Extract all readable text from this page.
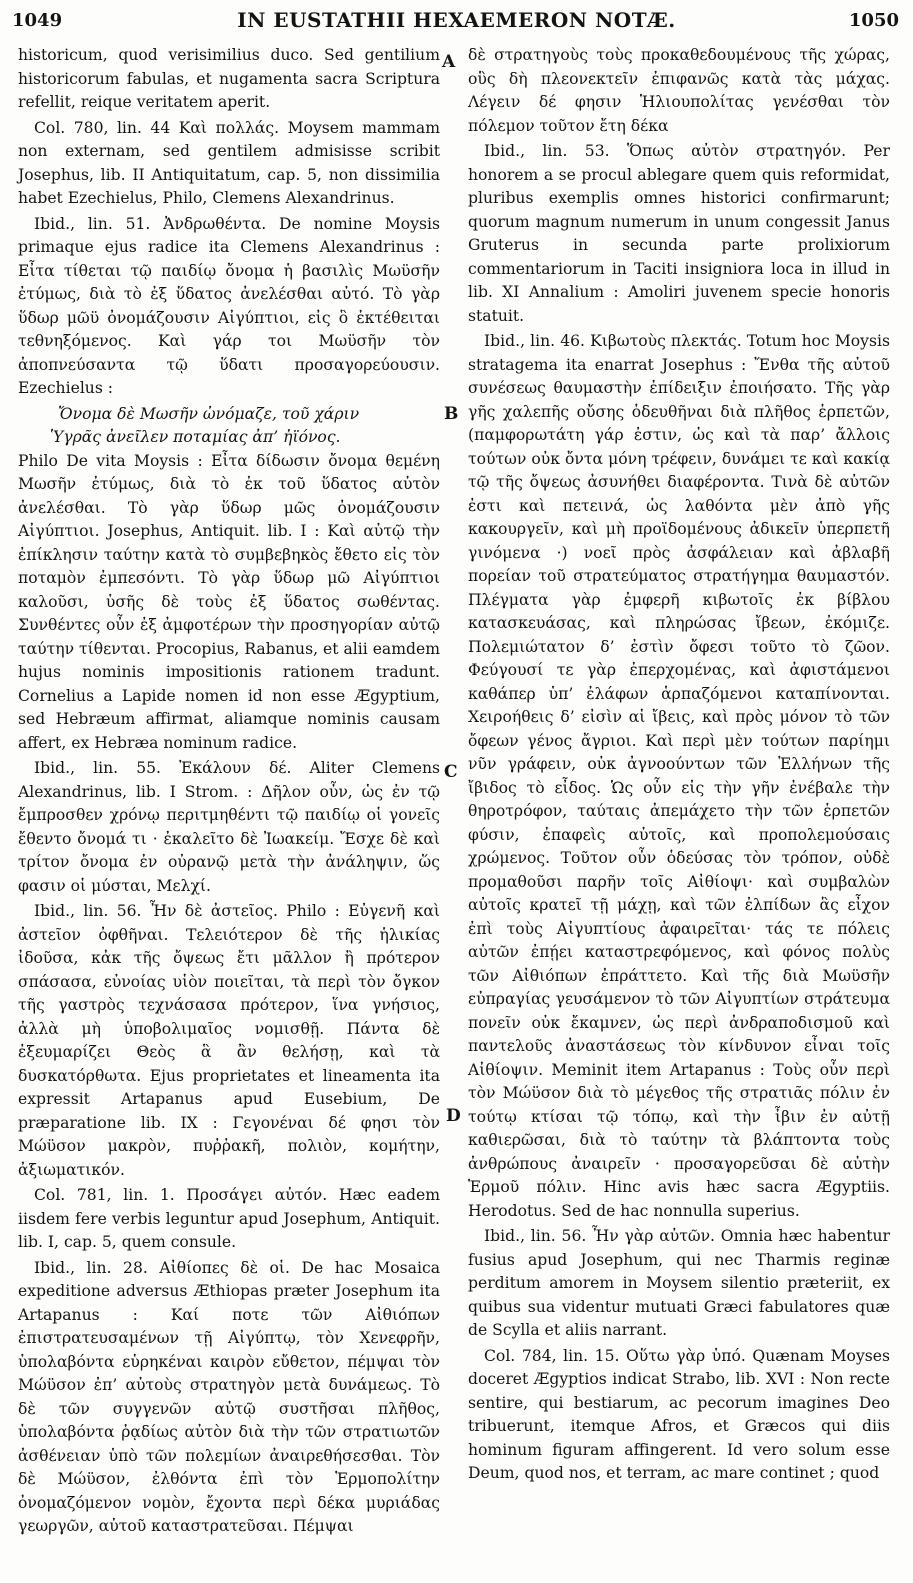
1049	IN EUSTATHII HEXAEMERON NOTÆ.	1050

historicum, quod verisimilius duco. Sed gentilium historicorum fabulas, et nugamenta sacra Scriptura refellit, reique veritatem aperit.

Col. 780, lin. 44 Καὶ πολλάς. Moysem mammam non externam, sed gentilem admisisse scribit Josephus, lib. II Antiquitatum, cap. 5, non dissimilia habet Ezechielus, Philo, Clemens Alexandrinus.

Ibid., lin. 51. Ἀνδρωθέντα. De nomine Moysis primaque ejus radice ita Clemens Alexandrinus : Εἶτα τίθεται τῷ παιδίῳ ὄνομα ἡ βασιλὶς Μωϋσῆν ἐτύμως, διὰ τὸ ἐξ ὕδατος ἀνελέσθαι αὐτό. Τὸ γὰρ ὕδωρ μῶϋ ὀνομάζουσιν Αἰγύπτιοι, εἰς ὃ ἐκτέθειται τεθνηξόμενος. Καὶ γάρ τοι Μωϋσῆν τὸν ἀποπνεύσαντα τῷ ὕδατι προσαγορεύουσιν. Ezechielus :

Ὄνομα δὲ Μωσῆν ὠνόμαζε, τοῦ χάριν

Ὑγρᾶς ἀνεῖλεν ποταμίας ἀπ’ ἠϊόνος.

Philo De vita Moysis : Εἶτα δίδωσιν ὄνομα θεμένη Μωσῆν ἐτύμως, διὰ τὸ ἐκ τοῦ ὕδατος αὐτὸν ἀνελέσθαι. Τὸ γὰρ ὕδωρ μῶς ὀνομάζουσιν Αἰγύπτιοι. Josephus, Antiquit. lib. I : Καὶ αὐτῷ τὴν ἐπίκλησιν ταύτην κατὰ τὸ συμβεβηκὸς ἔθετο εἰς τὸν ποταμὸν ἐμπεσόντι. Τὸ γὰρ ὕδωρ μῶ Αἰγύπτιοι καλοῦσι, ὑσῆς δὲ τοὺς ἐξ ὕδατος σωθέντας. Συνθέντες οὖν ἐξ ἀμφοτέρων τὴν προσηγορίαν αὐτῷ ταύτην τίθενται. Procopius, Rabanus, et alii eamdem hujus nominis impositionis rationem tradunt. Cornelius a Lapide nomen id non esse Ægyptium, sed Hebræum affirmat, aliamque nominis causam affert, ex Hebræa nominum radice.

Ibid., lin. 55. Ἐκάλουν δέ. Aliter Clemens Alexandrinus, lib. I Strom. : Δῆλον οὖν, ὡς ἐν τῷ ἔμπροσθεν χρόνῳ περιτμηθέντι τῷ παιδίῳ οἱ γονεῖς ἔθεντο ὄνομά τι · ἐκαλεῖτο δὲ Ἰωακείμ. Ἔσχε δὲ καὶ τρίτον ὄνομα ἐν οὐρανῷ μετὰ τὴν ἀνάληψιν, ὥς φασιν οἱ μύσται, Μελχί.

Ibid., lin. 56. Ἦν δὲ ἀστεῖος. Philo : Εὐγενῆ καὶ ἀστεῖον ὀφθῆναι. Τελειότερον δὲ τῆς ἡλικίας ἰδοῦσα, κἀκ τῆς ὄψεως ἔτι μᾶλλον ἢ πρότερον σπάσασα, εὐνοίας υἱὸν ποιεῖται, τὰ περὶ τὸν ὄγκον τῆς γαστρὸς τεχνάσασα πρότερον, ἵνα γνήσιος, ἀλλὰ μὴ ὑποβολιμαῖος νομισθῇ. Πάντα δὲ ἐξευμαρίζει Θεὸς ἃ ἂν θελήσῃ, καὶ τὰ δυσκατόρθωτα. Ejus proprietates et lineamenta ita expressit Artapanus apud Eusebium, De præparatione lib. IX : Γεγονέναι δέ φησι τὸν Μώϋσον μακρὸν, πυῤῥακῆ, πολιὸν, κομήτην, ἀξιωματικόν.

Col. 781, lin. 1. Προσάγει αὐτόν. Hæc eadem iisdem fere verbis leguntur apud Josephum, Antiquit. lib. I, cap. 5, quem consule.

Ibid., lin. 28. Αἰθίοπες δὲ οἱ. De hac Mosaica expeditione adversus Æthiopas præter Josephum ita Artapanus : Καί ποτε τῶν Αἰθιόπων ἐπιστρατευσαμένων τῇ Αἰγύπτῳ, τὸν Χενεφρῆν, ὑπολαβόντα εὑρηκέναι καιρὸν εὔθετον, πέμψαι τὸν Μώϋσον ἐπ’ αὐτοὺς στρατηγὸν μετὰ δυνάμεως. Τὸ δὲ τῶν συγγενῶν αὐτῷ συστῆσαι πλῆθος, ὑπολαβόντα ῥᾳδίως αὐτὸν διὰ τὴν τῶν στρατιωτῶν ἀσθένειαν ὑπὸ τῶν πολεμίων ἀναιρεθήσεσθαι. Τὸν δὲ Μώϋσον, ἐλθόντα ἐπὶ τὸν Ἑρμοπολίτην ὀνομαζόμενον νομὸν, ἔχοντα περὶ δέκα μυριάδας γεωργῶν, αὐτοῦ καταστρατεῦσαι. Πέμψαι

A
B
C
D

δὲ στρατηγοὺς τοὺς προκαθεδουμένους τῆς χώρας, οὓς δὴ πλεονεκτεῖν ἐπιφανῶς κατὰ τὰς μάχας. Λέγειν δέ φησιν Ἡλιουπολίτας γενέσθαι τὸν πόλεμον τοῦτον ἔτη δέκα

Ibid., lin. 53. Ὅπως αὐτὸν στρατηγόν. Per honorem a se procul ablegare quem quis reformidat, pluribus exemplis omnes historici confirmarunt; quorum magnum numerum in unum congessit Janus Gruterus in secunda parte prolixiorum commentariorum in Taciti insigniora loca in illud in lib. XI Annalium : Amoliri juvenem specie honoris statuit.

Ibid., lin. 46. Κιβωτοὺς πλεκτάς. Totum hoc Moysis stratagema ita enarrat Josephus : Ἔνθα τῆς αὐτοῦ συνέσεως θαυμαστὴν ἐπίδειξιν ἐποιήσατο. Τῆς γὰρ γῆς χαλεπῆς οὔσης ὁδευθῆναι διὰ πλῆθος ἑρπετῶν, (παμφορωτάτη γάρ ἐστιν, ὡς καὶ τὰ παρ’ ἄλλοις τούτων οὐκ ὄντα μόνη τρέφειν, δυνάμει τε καὶ κακίᾳ τῷ τῆς ὄψεως ἀσυνήθει διαφέροντα. Τινὰ δὲ αὐτῶν ἐστι καὶ πετεινά, ὡς λαθόντα μὲν ἀπὸ γῆς κακουργεῖν, καὶ μὴ προϊδομένους ἀδικεῖν ὑπερπετῆ γινόμενα ·) νοεῖ πρὸς ἀσφάλειαν καὶ ἀβλαβῆ πορείαν τοῦ στρατεύματος στρατήγημα θαυμαστόν. Πλέγματα γὰρ ἐμφερῆ κιβωτοῖς ἐκ βίβλου κατασκευάσας, καὶ πληρώσας ἴβεων, ἐκόμιζε. Πολεμιώτατον δ’ ἐστὶν ὄφεσι τοῦτο τὸ ζῶον. Φεύγουσί τε γὰρ ἐπερχομένας, καὶ ἀφιστάμενοι καθάπερ ὑπ’ ἐλάφων ἁρπαζόμενοι καταπίνονται. Χειροήθεις δ’ εἰσὶν αἱ ἴβεις, καὶ πρὸς μόνον τὸ τῶν ὄφεων γένος ἄγριοι. Καὶ περὶ μὲν τούτων παρίημι νῦν γράφειν, οὐκ ἀγνοούντων τῶν Ἑλλήνων τῆς ἴβιδος τὸ εἶδος. Ὡς οὖν εἰς τὴν γῆν ἐνέβαλε τὴν θηροτρόφον, ταύταις ἀπεμάχετο τὴν τῶν ἑρπετῶν φύσιν, ἐπαφεὶς αὐτοῖς, καὶ προπολεμούσαις χρώμενος. Τοῦτον οὖν ὁδεύσας τὸν τρόπον, οὐδὲ προμαθοῦσι παρῆν τοῖς Αἰθίοψι· καὶ συμβαλὼν αὐτοῖς κρατεῖ τῇ μάχῃ, καὶ τῶν ἐλπίδων ἃς εἶχον ἐπὶ τοὺς Αἰγυπτίους ἀφαιρεῖται· τάς τε πόλεις αὐτῶν ἐπῄει καταστρεφόμενος, καὶ φόνος πολὺς τῶν Αἰθιόπων ἐπράττετο. Καὶ τῆς διὰ Μωϋσῆν εὐπραγίας γευσάμενον τὸ τῶν Αἰγυπτίων στράτευμα πονεῖν οὐκ ἔκαμνεν, ὡς περὶ ἀνδραποδισμοῦ καὶ παντελοῦς ἀναστάσεως τὸν κίνδυνον εἶναι τοῖς Αἰθίοψιν. Meminit item Artapanus : Τοὺς οὖν περὶ τὸν Μώϋσον διὰ τὸ μέγεθος τῆς στρατιᾶς πόλιν ἐν τούτῳ κτίσαι τῷ τόπῳ, καὶ τὴν ἶβιν ἐν αὐτῇ καθιερῶσαι, διὰ τὸ ταύτην τὰ βλάπτοντα τοὺς ἀνθρώπους ἀναιρεῖν · προσαγορεῦσαι δὲ αὐτὴν Ἑρμοῦ πόλιν. Hinc avis hæc sacra Ægyptiis. Herodotus. Sed de hac nonnulla superius.

Ibid., lin. 56. Ἦν γὰρ αὐτῶν. Omnia hæc habentur fusius apud Josephum, qui nec Tharmis reginæ perditum amorem in Moysem silentio præteriit, ex quibus sua videntur mutuati Græci fabulatores quæ de Scylla et aliis narrant.

Col. 784, lin. 15. Οὕτω γὰρ ὑπό. Quænam Moyses doceret Ægyptios indicat Strabo, lib. XVI : Non recte sentire, qui bestiarum, ac pecorum imagines Deo tribuerunt, itemque Afros, et Græcos qui diis hominum figuram affingerent. Id vero solum esse Deum, quod nos, et terram, ac mare continet ; quod
